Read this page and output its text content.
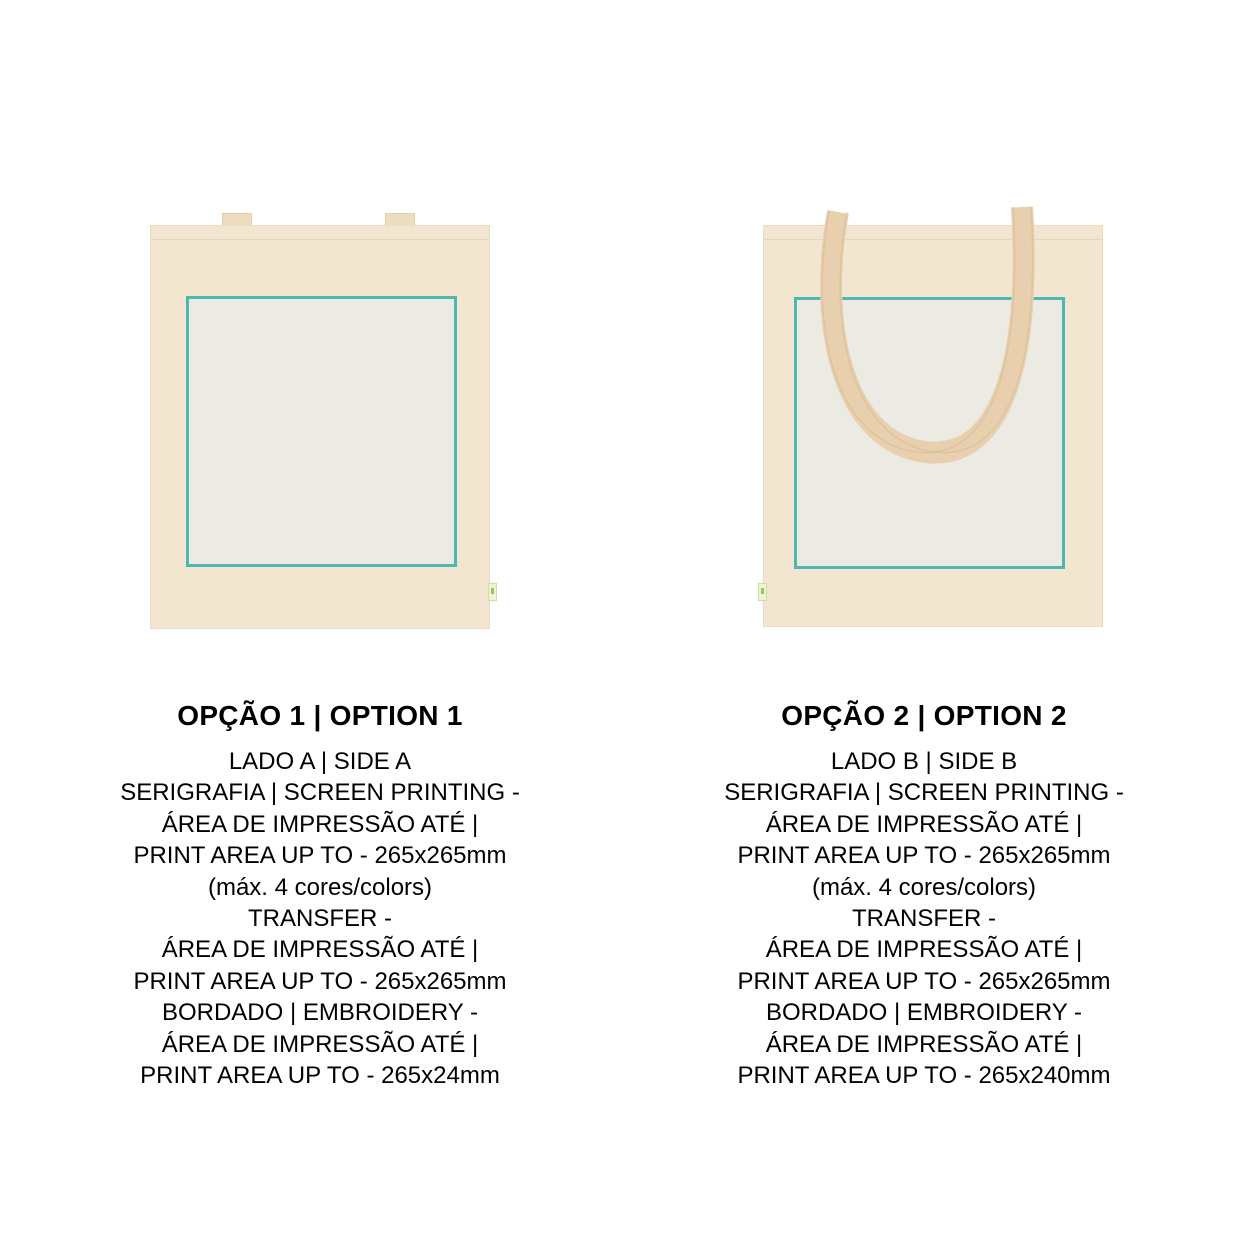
OPÇÃO 1 | OPTION 1
LADO A | SIDE A
SERIGRAFIA | SCREEN PRINTING -
ÁREA DE IMPRESSÃO ATÉ |
PRINT AREA UP TO - 265x265mm
(máx. 4 cores/colors)
TRANSFER -
ÁREA DE IMPRESSÃO ATÉ |
PRINT AREA UP TO - 265x265mm
BORDADO | EMBROIDERY -
ÁREA DE IMPRESSÃO ATÉ |
PRINT AREA UP TO - 265x24mm
OPÇÃO 2 | OPTION 2
LADO B | SIDE B
SERIGRAFIA | SCREEN PRINTING -
ÁREA DE IMPRESSÃO ATÉ |
PRINT AREA UP TO - 265x265mm
(máx. 4 cores/colors)
TRANSFER -
ÁREA DE IMPRESSÃO ATÉ |
PRINT AREA UP TO - 265x265mm
BORDADO | EMBROIDERY -
ÁREA DE IMPRESSÃO ATÉ |
PRINT AREA UP TO - 265x240mm
